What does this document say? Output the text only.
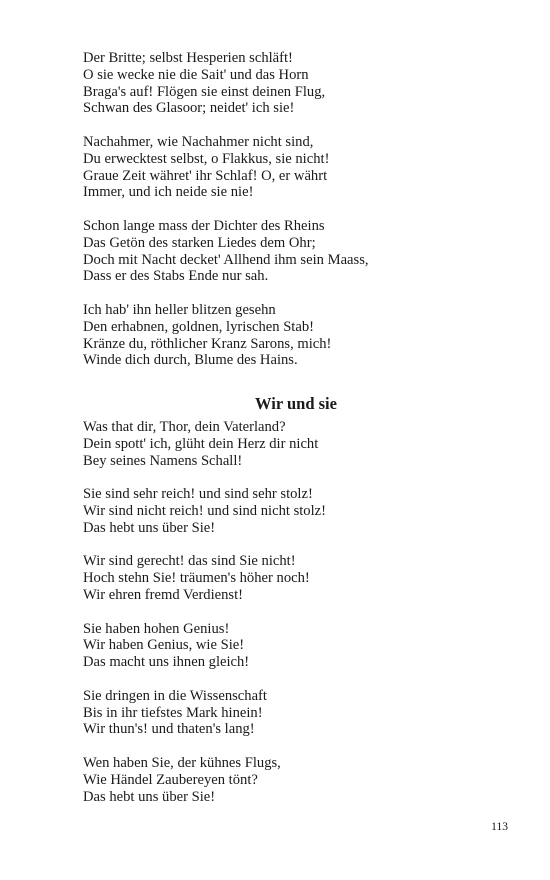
Der Britte; selbst Hesperien schläft!
O sie wecke nie die Sait' und das Horn
Braga's auf! Flögen sie einst deinen Flug,
Schwan des Glasoor; neidet' ich sie!
Nachahmer, wie Nachahmer nicht sind,
Du erwecktest selbst, o Flakkus, sie nicht!
Graue Zeit währet' ihr Schlaf! O, er währt
Immer, und ich neide sie nie!
Schon lange mass der Dichter des Rheins
Das Getön des starken Liedes dem Ohr;
Doch mit Nacht decket' Allhend ihm sein Maass,
Dass er des Stabs Ende nur sah.
Ich hab' ihn heller blitzen gesehn
Den erhabnen, goldnen, lyrischen Stab!
Kränze du, röthlicher Kranz Sarons, mich!
Winde dich durch, Blume des Hains.
Wir und sie
Was that dir, Thor, dein Vaterland?
Dein spott' ich, glüht dein Herz dir nicht
Bey seines Namens Schall!
Sie sind sehr reich! und sind sehr stolz!
Wir sind nicht reich! und sind nicht stolz!
Das hebt uns über Sie!
Wir sind gerecht! das sind Sie nicht!
Hoch stehn Sie! träumen's höher noch!
Wir ehren fremd Verdienst!
Sie haben hohen Genius!
Wir haben Genius, wie Sie!
Das macht uns ihnen gleich!
Sie dringen in die Wissenschaft
Bis in ihr tiefstes Mark hinein!
Wir thun's! und thaten's lang!
Wen haben Sie, der kühnes Flugs,
Wie Händel Zaubereyen tönt?
Das hebt uns über Sie!
113
